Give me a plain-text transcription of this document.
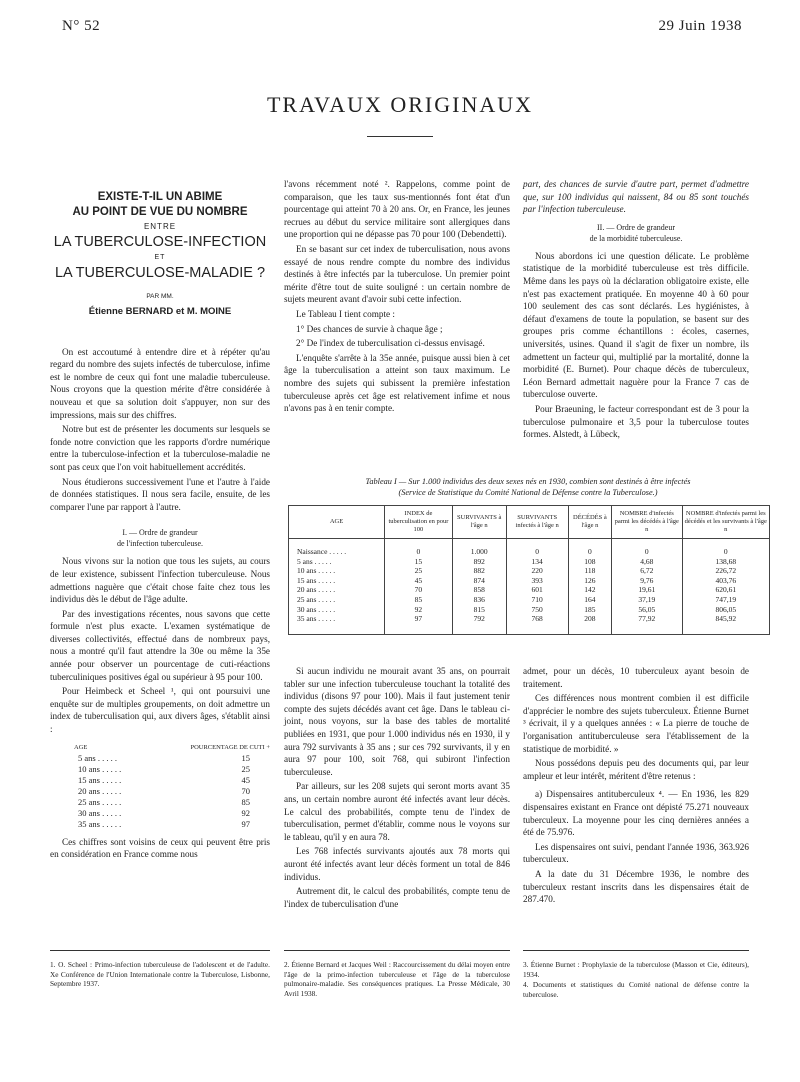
N° 52	29 Juin 1938
TRAVAUX ORIGINAUX
EXISTE-T-IL UN ABIME
AU POINT DE VUE DU NOMBRE
ENTRE
LA TUBERCULOSE-INFECTION
ET
LA TUBERCULOSE-MALADIE ?
PAR MM.
Étienne BERNARD et M. MOINE

On est accoutumé à entendre dire et à répéter qu'au regard du nombre des sujets infectés de tuberculose, infime est le nombre de ceux qui font une maladie tuberculeuse. Nous croyons que la question mérite d'être considérée à nouveau et que sa solution doit s'appuyer, non sur des impressions, mais sur des chiffres.

Notre but est de présenter les documents sur lesquels se fonde notre conviction que les rapports d'ordre numérique entre la tuberculose-infection et la tuberculose-maladie ne sont pas ceux que l'on voit habituellement accrédités.

Nous étudierons successivement l'une et l'autre à l'aide de données statistiques. Il nous sera facile, ensuite, de les comparer l'une par rapport à l'autre.

I. — Ordre de grandeur
de l'infection tuberculeuse.

Nous vivons sur la notion que tous les sujets, au cours de leur existence, subissent l'infection tuberculeuse. Nous admettions naguère que c'était chose faite chez tous les individus dès le début de l'âge adulte.

Par des investigations récentes, nous savons que cette formule n'est plus exacte. L'examen systématique de diverses collectivités, effectué dans de nombreux pays, nous a montré qu'il faut attendre la 30e ou même la 35e année pour observer un pourcentage de cuti-réactions tuberculiniques positives égal ou supérieur à 95 pour 100.

Pour Heimbeck et Scheel ¹, qui ont poursuivi une enquête sur de multiples groupements, on doit admettre un index de tuberculisation qui, aux divers âges, s'établit ainsi :

AGE	POURCENTAGE DE CUTI +
5 ans . . .	15
10 ans . . .	25
15 ans . . .	45
20 ans . . .	70
25 ans . . .	85
30 ans . . .	92
35 ans . . .	97

Ces chiffres sont voisins de ceux qui peuvent être pris en considération en France comme nous

l'avons récemment noté ². Rappelons, comme point de comparaison, que les taux sus-mentionnés font état d'un pourcentage qui atteint 70 à 20 ans. Or, en France, les jeunes recrues au début du service militaire sont allergiques dans une proportion qui ne dépasse pas 70 pour 100 (Debendetti).

En se basant sur cet index de tuberculisation, nous avons essayé de nous rendre compte du nombre des individus destinés à être infectés par la tuberculose. Un premier point mérite d'être tout de suite souligné : un certain nombre de sujets meurent avant d'avoir subi cette infection.

Le Tableau I tient compte :

1° Des chances de survie à chaque âge ;

2° De l'index de tuberculisation ci-dessus envisagé.

L'enquête s'arrête à la 35e année, puisque aussi bien à cet âge la tuberculisation a atteint son taux maximum. Le nombre des sujets qui subissent la première infestation tuberculeuse après cet âge est relativement infime et nous n'avons pas à en tenir compte.

part, des chances de survie d'autre part, permet d'admettre que, sur 100 individus qui naissent, 84 ou 85 sont touchés par l'infection tuberculeuse.

II. — Ordre de grandeur
de la morbidité tuberculeuse.

Nous abordons ici une question délicate. Le problème statistique de la morbidité tuberculeuse est très difficile. Même dans les pays où la déclaration obligatoire existe, elle n'est pas exactement pratiquée. En moyenne 40 à 60 pour 100 seulement des cas sont déclarés. Les hygiénistes, à défaut d'examens de toute la population, se basent sur des groupes pris comme échantillons : écoles, casernes, universités, usines. Quand il s'agit de fixer un nombre, ils admettent un facteur qui, multiplié par la mortalité, donne la morbidité (E. Burnet). Pour chaque décès de tuberculeux, Léon Bernard admettait naguère pour la France 7 cas de tuberculose ouverte.

Pour Braeuning, le facteur correspondant est de 3 pour la tuberculose pulmonaire et 3,5 pour la tuberculose toutes formes. Alstedt, à Lübeck,

Tableau I — Sur 1.000 individus des deux sexes nés en 1930, combien sont destinés à être infectés
(Service de Statistique du Comité National de Défense contre la Tuberculose.)
AGE	INDEX de tuberculisation en pour 100	SURVIVANTS à l'âge n	SURVIVANTS infectés à l'âge n	DÉCÉDÉS à l'âge n	NOMBRE d'infectés parmi les décédés à l'âge n	NOMBRE d'infectés parmi les décédés et les survivants à l'âge n
Naissance . . .	0	1.000	0	0	0	0
5 ans . . .	15	892	134	108	4,68	138,68
10 ans . . .	25	882	220	118	6,72	226,72
15 ans . . .	45	874	393	126	9,76	403,76
20 ans . . .	70	858	601	142	19,61	620,61
25 ans . . .	85	836	710	164	37,19	747,19
30 ans . . .	92	815	750	185	56,05	806,05
35 ans . . .	97	792	768	208	77,92	845,92

Si aucun individu ne mourait avant 35 ans, on pourrait tabler sur une infection tuberculeuse touchant la totalité des individus (disons 97 pour 100). Mais il faut justement tenir compte des sujets décédés avant cet âge. Dans le tableau ci-joint, nous voyons, sur la base des tables de mortalité publiées en 1931, que pour 1.000 individus nés en 1930, il y aura 792 survivants à 35 ans ; sur ces 792 survivants, il y en aura 97 pour 100, soit 768, qui subiront l'infection tuberculeuse.

Par ailleurs, sur les 208 sujets qui seront morts avant 35 ans, un certain nombre auront été infectés avant leur décès. Le calcul des probabilités, compte tenu de l'index de tuberculisation, permet d'établir, comme nous le voyons sur le tableau, qu'il y en aura 78.

Les 768 infectés survivants ajoutés aux 78 morts qui auront été infectés avant leur décès forment un total de 846 individus.

Autrement dit, le calcul des probabilités, compte tenu de l'index de tuberculisation d'une

admet, pour un décès, 10 tuberculeux ayant besoin de traitement.

Ces différences nous montrent combien il est difficile d'apprécier le nombre des sujets tuberculeux. Étienne Burnet ³ écrivait, il y a quelques années : « La pierre de touche de l'organisation antituberculeuse sera l'établissement de la statistique de morbidité. »

Nous possédons depuis peu des documents qui, par leur ampleur et leur intérêt, méritent d'être retenus :

a) Dispensaires antituberculeux ⁴. — En 1936, les 829 dispensaires existant en France ont dépisté 75.271 nouveaux tuberculeux. La moyenne pour les cinq dernières années a été de 75.976.

Les dispensaires ont suivi, pendant l'année 1936, 363.926 tuberculeux.

A la date du 31 Décembre 1936, le nombre des tuberculeux restant inscrits dans les dispensaires était de 287.470.

1. O. Scheel : Primo-infection tuberculeuse de l'adolescent et de l'adulte. Xe Conférence de l'Union Internationale contre la Tuberculose, Lisbonne, Septembre 1937.
2. Étienne Bernard et Jacques Weil : Raccourcissement du délai moyen entre l'âge de la primo-infection tuberculeuse et l'âge de la tuberculose pulmonaire-maladie. Ses conséquences pratiques. La Presse Médicale, 30 Avril 1938.
3. Étienne Burnet : Prophylaxie de la tuberculose (Masson et Cie, éditeurs), 1934.
4. Documents et statistiques du Comité national de défense contre la tuberculose.
